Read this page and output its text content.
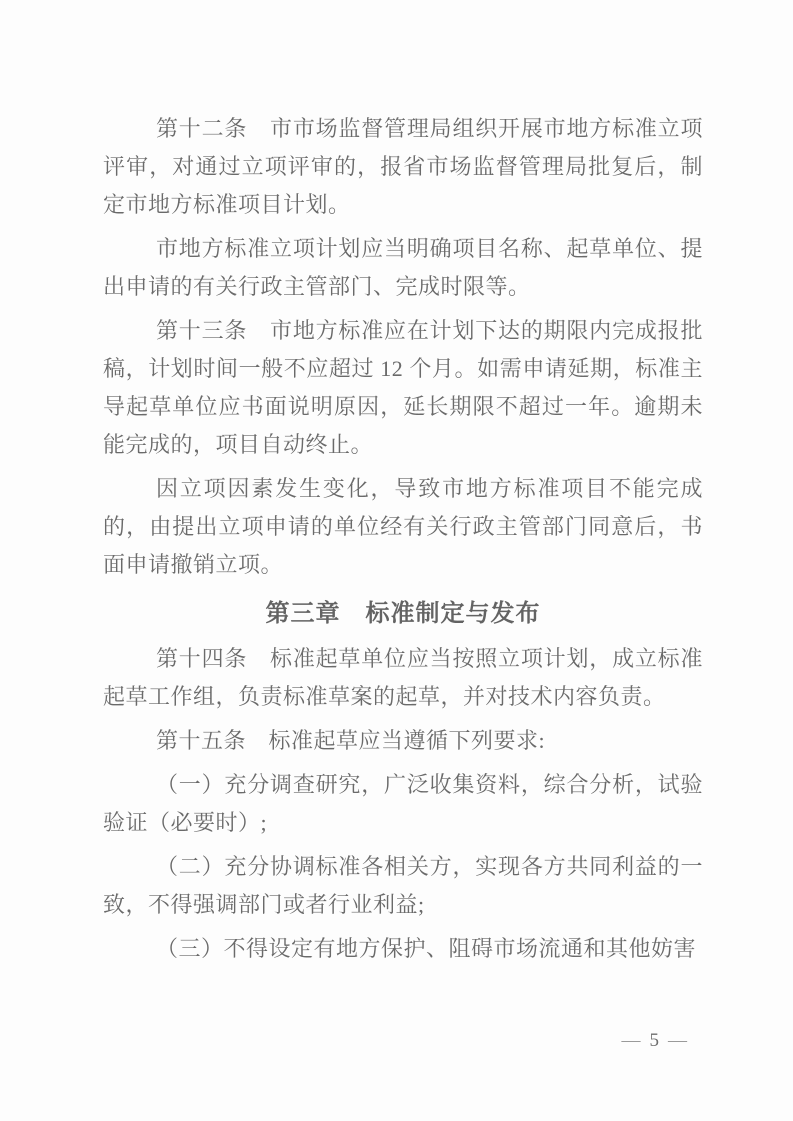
第十二条　市市场监督管理局组织开展市地方标准立项评审，对通过立项评审的，报省市场监督管理局批复后，制定市地方标准项目计划。

市地方标准立项计划应当明确项目名称、起草单位、提出申请的有关行政主管部门、完成时限等。

第十三条　市地方标准应在计划下达的期限内完成报批稿，计划时间一般不应超过 12 个月。如需申请延期，标准主导起草单位应书面说明原因，延长期限不超过一年。逾期未能完成的，项目自动终止。

因立项因素发生变化，导致市地方标准项目不能完成的，由提出立项申请的单位经有关行政主管部门同意后，书面申请撤销立项。

第三章　标准制定与发布

第十四条　标准起草单位应当按照立项计划，成立标准起草工作组，负责标准草案的起草，并对技术内容负责。

第十五条　标准起草应当遵循下列要求:

（一）充分调查研究，广泛收集资料，综合分析，试验验证（必要时）;

（二）充分协调标准各相关方，实现各方共同利益的一致，不得强调部门或者行业利益;

（三）不得设定有地方保护、阻碍市场流通和其他妨害

— 5 —
